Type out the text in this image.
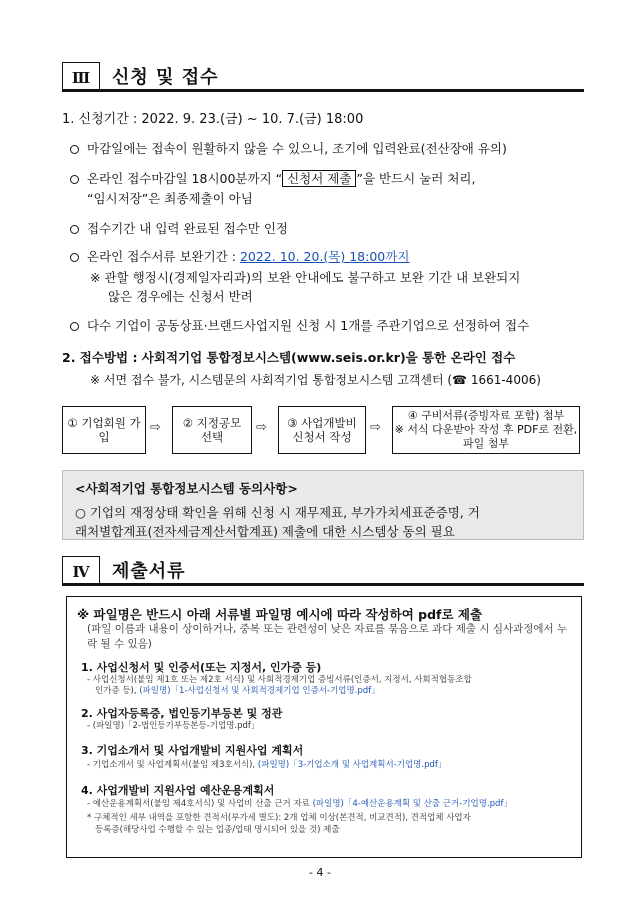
Ⅲ	신청 및 접수
1. 신청기간 : 2022. 9. 23.(금) ~ 10. 7.(금) 18:00
마감일에는 접속이 원활하지 않을 수 있으니, 조기에 입력완료(전산장애 유의)
온라인 접수마감일 18시00분까지 “ 신청서 제출 ”을 반드시 눌러 처리,
“임시저장”은 최종제출이 아님
접수기간 내 입력 완료된 접수만 인정
온라인 접수서류 보완기간 : 2022. 10. 20.(목) 18:00까지
※ 관할 행정시(경제일자리과)의 보완 안내에도 불구하고 보완 기간 내 보완되지
않은 경우에는 신청서 반려
다수 기업이 공동상표·브랜드사업지원 신청 시 1개를 주관기업으로 선정하여 접수
2. 접수방법 : 사회적기업 통합정보시스템(www.seis.or.kr)을 통한 온라인 접수
※ 서면 접수 불가, 시스템문의 사회적기업 통합정보시스템 고객센터 (☎ 1661-4006)
① 기업회원 가입
⇨ ② 지정공모
선택
⇨ ③ 사업개발비
신청서 작성
⇨
④ 구비서류(증빙자료 포함) 첨부
※ 서식 다운받아 작성 후 PDF로 전환,
파일 첨부
<사회적기업 통합정보시스템 동의사항>
○ 기업의 재정상태 확인을 위해 신청 시 재무제표, 부가가치세표준증명, 거
래처별합계표(전자세금계산서합계표) 제출에 대한 시스템상 동의 필요
Ⅳ	제출서류
※ 파일명은 반드시 아래 서류별 파일명 예시에 따라 작성하여 pdf로 제출
(파일 이름과 내용이 상이하거나, 중복 또는 관련성이 낮은 자료를 묶음으로 과다 제출 시 심사과정에서 누락 될 수 있음)
1. 사업신청서 및 인증서(또는 지정서, 인가증 등)
- 사업신청서(붙임 제1호 또는 제2호 서식) 및 사회적경제기업 증빙서류(인증서, 지정서, 사회적협동조합
인가증 등), (파일명)「1-사업신청서 및 사회적경제기업 인증서-기업명.pdf」
2. 사업자등록증, 법인등기부등본 및 정관
- (파일명)「2-법인등기부등본등-기업명.pdf」
3. 기업소개서 및 사업개발비 지원사업 계획서
- 기업소개서 및 사업계획서(붙임 제3호서식), (파일명)「3-기업소개 및 사업계획서-기업명.pdf」
4. 사업개발비 지원사업 예산운용계획서
- 예산운용계획서(붙임 제4호서식) 및 사업비 산출 근거 자료 (파일명)「4-예산운용계획 및 산출 근거-기업명.pdf」
* 구체적인 세부 내역을 포함한 견적서(부가세 별도): 2개 업체 이상(본견적, 비교견적), 견적업체 사업자
등록증(해당사업 수행할 수 있는 업종/업태 명시되어 있을 것) 제출
- 4 -
